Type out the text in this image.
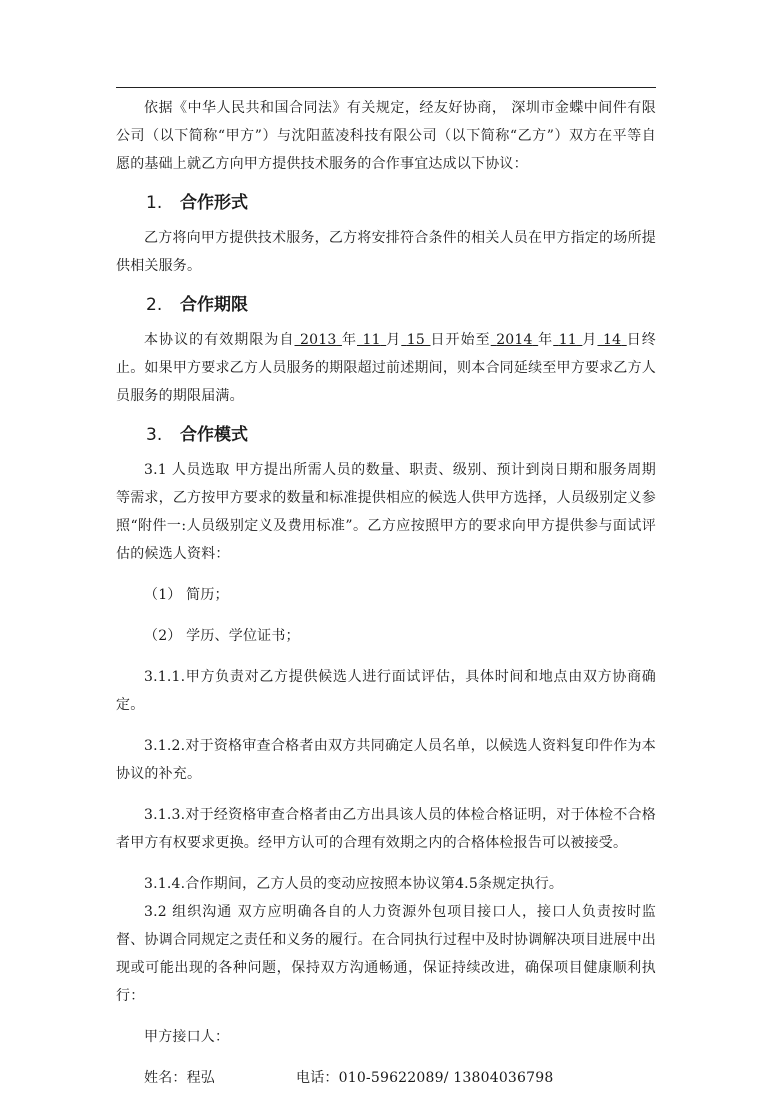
依据《中华人民共和国合同法》有关规定，经友好协商， 深圳市金蝶中间件有限公司（以下简称“甲方”）与沈阳蓝凌科技有限公司（以下简称“乙方”）双方在平等自愿的基础上就乙方向甲方提供技术服务的合作事宜达成以下协议：

1. 合作形式

乙方将向甲方提供技术服务，乙方将安排符合条件的相关人员在甲方指定的场所提供相关服务。

2. 合作期限

本协议的有效期限为自 2013 年 11 月 15 日开始至 2014 年 11 月 14 日终止。如果甲方要求乙方人员服务的期限超过前述期间，则本合同延续至甲方要求乙方人员服务的期限届满。

3. 合作模式

3.1 人员选取 甲方提出所需人员的数量、职责、级别、预计到岗日期和服务周期等需求，乙方按甲方要求的数量和标准提供相应的候选人供甲方选择，人员级别定义参照“附件一:人员级别定义及费用标准”。乙方应按照甲方的要求向甲方提供参与面试评估的候选人资料：

（1） 简历；

（2） 学历、学位证书；

3.1.1.甲方负责对乙方提供候选人进行面试评估，具体时间和地点由双方协商确定。

3.1.2.对于资格审查合格者由双方共同确定人员名单，以候选人资料复印件作为本协议的补充。

3.1.3.对于经资格审查合格者由乙方出具该人员的体检合格证明，对于体检不合格者甲方有权要求更换。经甲方认可的合理有效期之内的合格体检报告可以被接受。

3.1.4.合作期间，乙方人员的变动应按照本协议第4.5条规定执行。

3.2 组织沟通 双方应明确各自的人力资源外包项目接口人，接口人负责按时监督、协调合同规定之责任和义务的履行。在合同执行过程中及时协调解决项目进展中出现或可能出现的各种问题，保持双方沟通畅通，保证持续改进，确保项目健康顺利执行：

甲方接口人：

姓名：程弘	电话：010-59622089/ 13804036798
